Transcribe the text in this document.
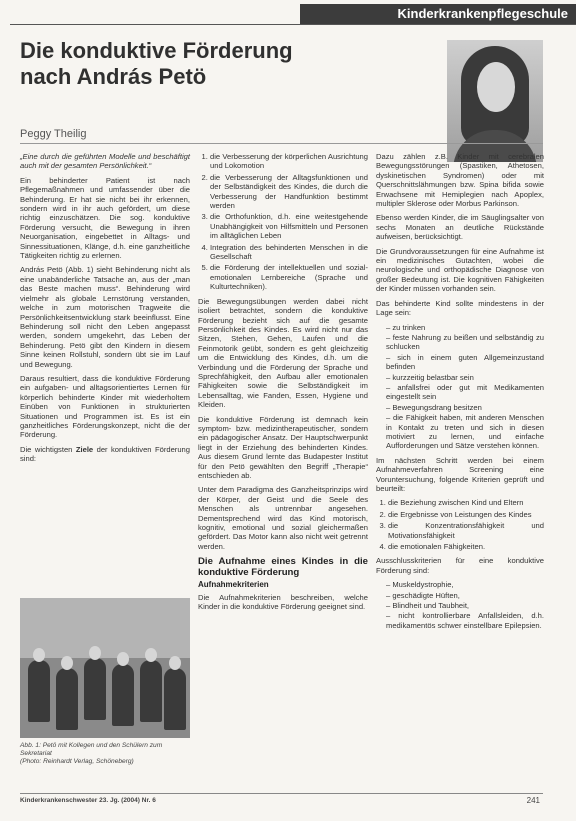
Kinderkrankenpflegeschule
Die konduktive Förderung
nach András Petö
Peggy Theilig

„Eine durch die geführten Modelle und beschäftigt auch mit der gesamten Persönlichkeit.“

Ein behinderter Patient ist nach Pflegemaßnahmen und umfassender über die Behinderung. Er hat sie nicht bei ihr erkennen, sondern wird in ihr auch gefördert, um diese richtig einzuschätzen. Die sog. konduktive Förderung versucht, die Bewegung in ihren Neuorganisation, eingebettet in Alltags- und Sinnessituationen, Klänge, d.h. eine ganzheitliche Tätigkeiten richtig zu erlernen.

András Petö (Abb. 1) sieht Behinderung nicht als eine unabänderliche Tatsache an, aus der „man das Beste machen muss“. Behinderung wird vielmehr als globale Lernstörung verstanden, welche in zum motorischen Tragweite die Persönlichkeitsentwicklung stark beeinflusst. Eine Behinderung soll nicht den Leben angepasst werden, sondern umgekehrt, das Leben der Behinderung. Petö gibt den Kindern in diesem Sinne keinen Rollstuhl, sondern übt sie im Lauf und Bewegung.

Daraus resultiert, dass die konduktive Förderung ein aufgaben- und alltagsorientiertes Lernen für körperlich behinderte Kinder mit wiederholtem Einüben von Funktionen in strukturierten Situationen und Programmen ist. Es ist ein ganzheitliches Förderungskonzept, nicht die der Förderung.

Die wichtigsten Ziele der konduktiven Förderung sind:

Abb. 1: Petö mit Kollegen und den Schülern zum Sekretariat
(Photo: Reinhardt Verlag, Schöneberg)
1. die Verbesserung der körperlichen Ausrichtung und Lokomotion
2. die Verbesserung der Alltagsfunktionen und der Selbständigkeit des Kindes, die durch die Verbesserung der Handfunktion bestimmt werden
3. die Orthofunktion, d.h. eine weitestgehende Unabhängigkeit von Hilfsmitteln und Personen im alltäglichen Leben
4. Integration des behinderten Menschen in die Gesellschaft
5. die Förderung der intellektuellen und sozial-emotionalen Lernbereiche (Sprache und Kulturtechniken).

Die Bewegungsübungen werden dabei nicht isoliert betrachtet, sondern die konduktive Förderung bezieht sich auf die gesamte Persönlichkeit des Kindes. Es wird nicht nur das Sitzen, Stehen, Gehen, Laufen und die Feinmotorik geübt, sondern es geht gleichzeitig um die Entwicklung des Kindes, d.h. um die Verbindung und die Förderung der Sprache und Sprechfähigkeit, den Aufbau aller emotionalen Fähigkeiten sowie die Selbständigkeit im Lebensalltag, wie Fanden, Essen, Hygiene und Kleiden.

Die konduktive Förderung ist demnach kein symptom- bzw. medizintherapeutischer, sondern ein pädagogischer Ansatz. Der Hauptschwerpunkt liegt in der Erziehung des behinderten Kindes. Aus diesem Grund lernte das Budapester Institut für den Petö gewählten den Begriff „Therapie“ entschieden ab.

Unter dem Paradigma des Ganzheitsprinzips wird der Körper, der Geist und die Seele des Menschen als untrennbar angesehen. Dementsprechend wird das Kind motorisch, kognitiv, emotional und sozial gleichermaßen gefördert. Das Motor kann also nicht weit getrennt werden.

Die Aufnahme eines Kindes in die konduktive Förderung
Aufnahmekriterien

Die Aufnahmekriterien beschreiben, welche Kinder in die konduktive Förderung geeignet sind.

Dazu zählen z.B. Kinder mit cerebralen Bewegungsstörungen (Spastiken, Athetosen, dyskinetischen Syndromen) oder mit Querschnittslähmungen bzw. Spina bifida sowie Erwachsene mit Hemiplegien nach Apoplex, multipler Sklerose oder Morbus Parkinson.

Ebenso werden Kinder, die im Säuglingsalter von sechs Monaten an deutliche Rückstände aufweisen, berücksichtigt.

Die Grundvoraussetzungen für eine Aufnahme ist ein medizinisches Gutachten, wobei die neurologische und orthopädische Diagnose von großer Bedeutung ist. Die kognitiven Fähigkeiten der Kinder müssen vorhanden sein.

Das behinderte Kind sollte mindestens in der Lage sein:

– zu trinken
– feste Nahrung zu beißen und selbständig zu schlucken
– sich in einem guten Allgemeinzustand befinden
– kurzzeitig belastbar sein
– anfallsfrei oder gut mit Medikamenten eingestellt sein
– Bewegungsdrang besitzen
– die Fähigkeit haben, mit anderen Menschen in Kontakt zu treten und sich in diesen motiviert zu lernen, und einfache Aufforderungen und Sätze verstehen können.

Im nächsten Schritt werden bei einem Aufnahmeverfahren Screening eine Voruntersuchung, folgende Kriterien geprüft und beurteilt:

1. die Beziehung zwischen Kind und Eltern
2. die Ergebnisse von Leistungen des Kindes
3. die Konzentrationsfähigkeit und Motivationsfähigkeit
4. die emotionalen Fähigkeiten.

Ausschlusskriterien für eine konduktive Förderung sind:

– Muskeldystrophie,
– geschädigte Hüften,
– Blindheit und Taubheit,
– nicht kontrollierbare Anfallsleiden, d.h. medikamentös schwer einstellbare Epilepsien.
Kinderkrankenschwester 23. Jg. (2004) Nr. 6	241
